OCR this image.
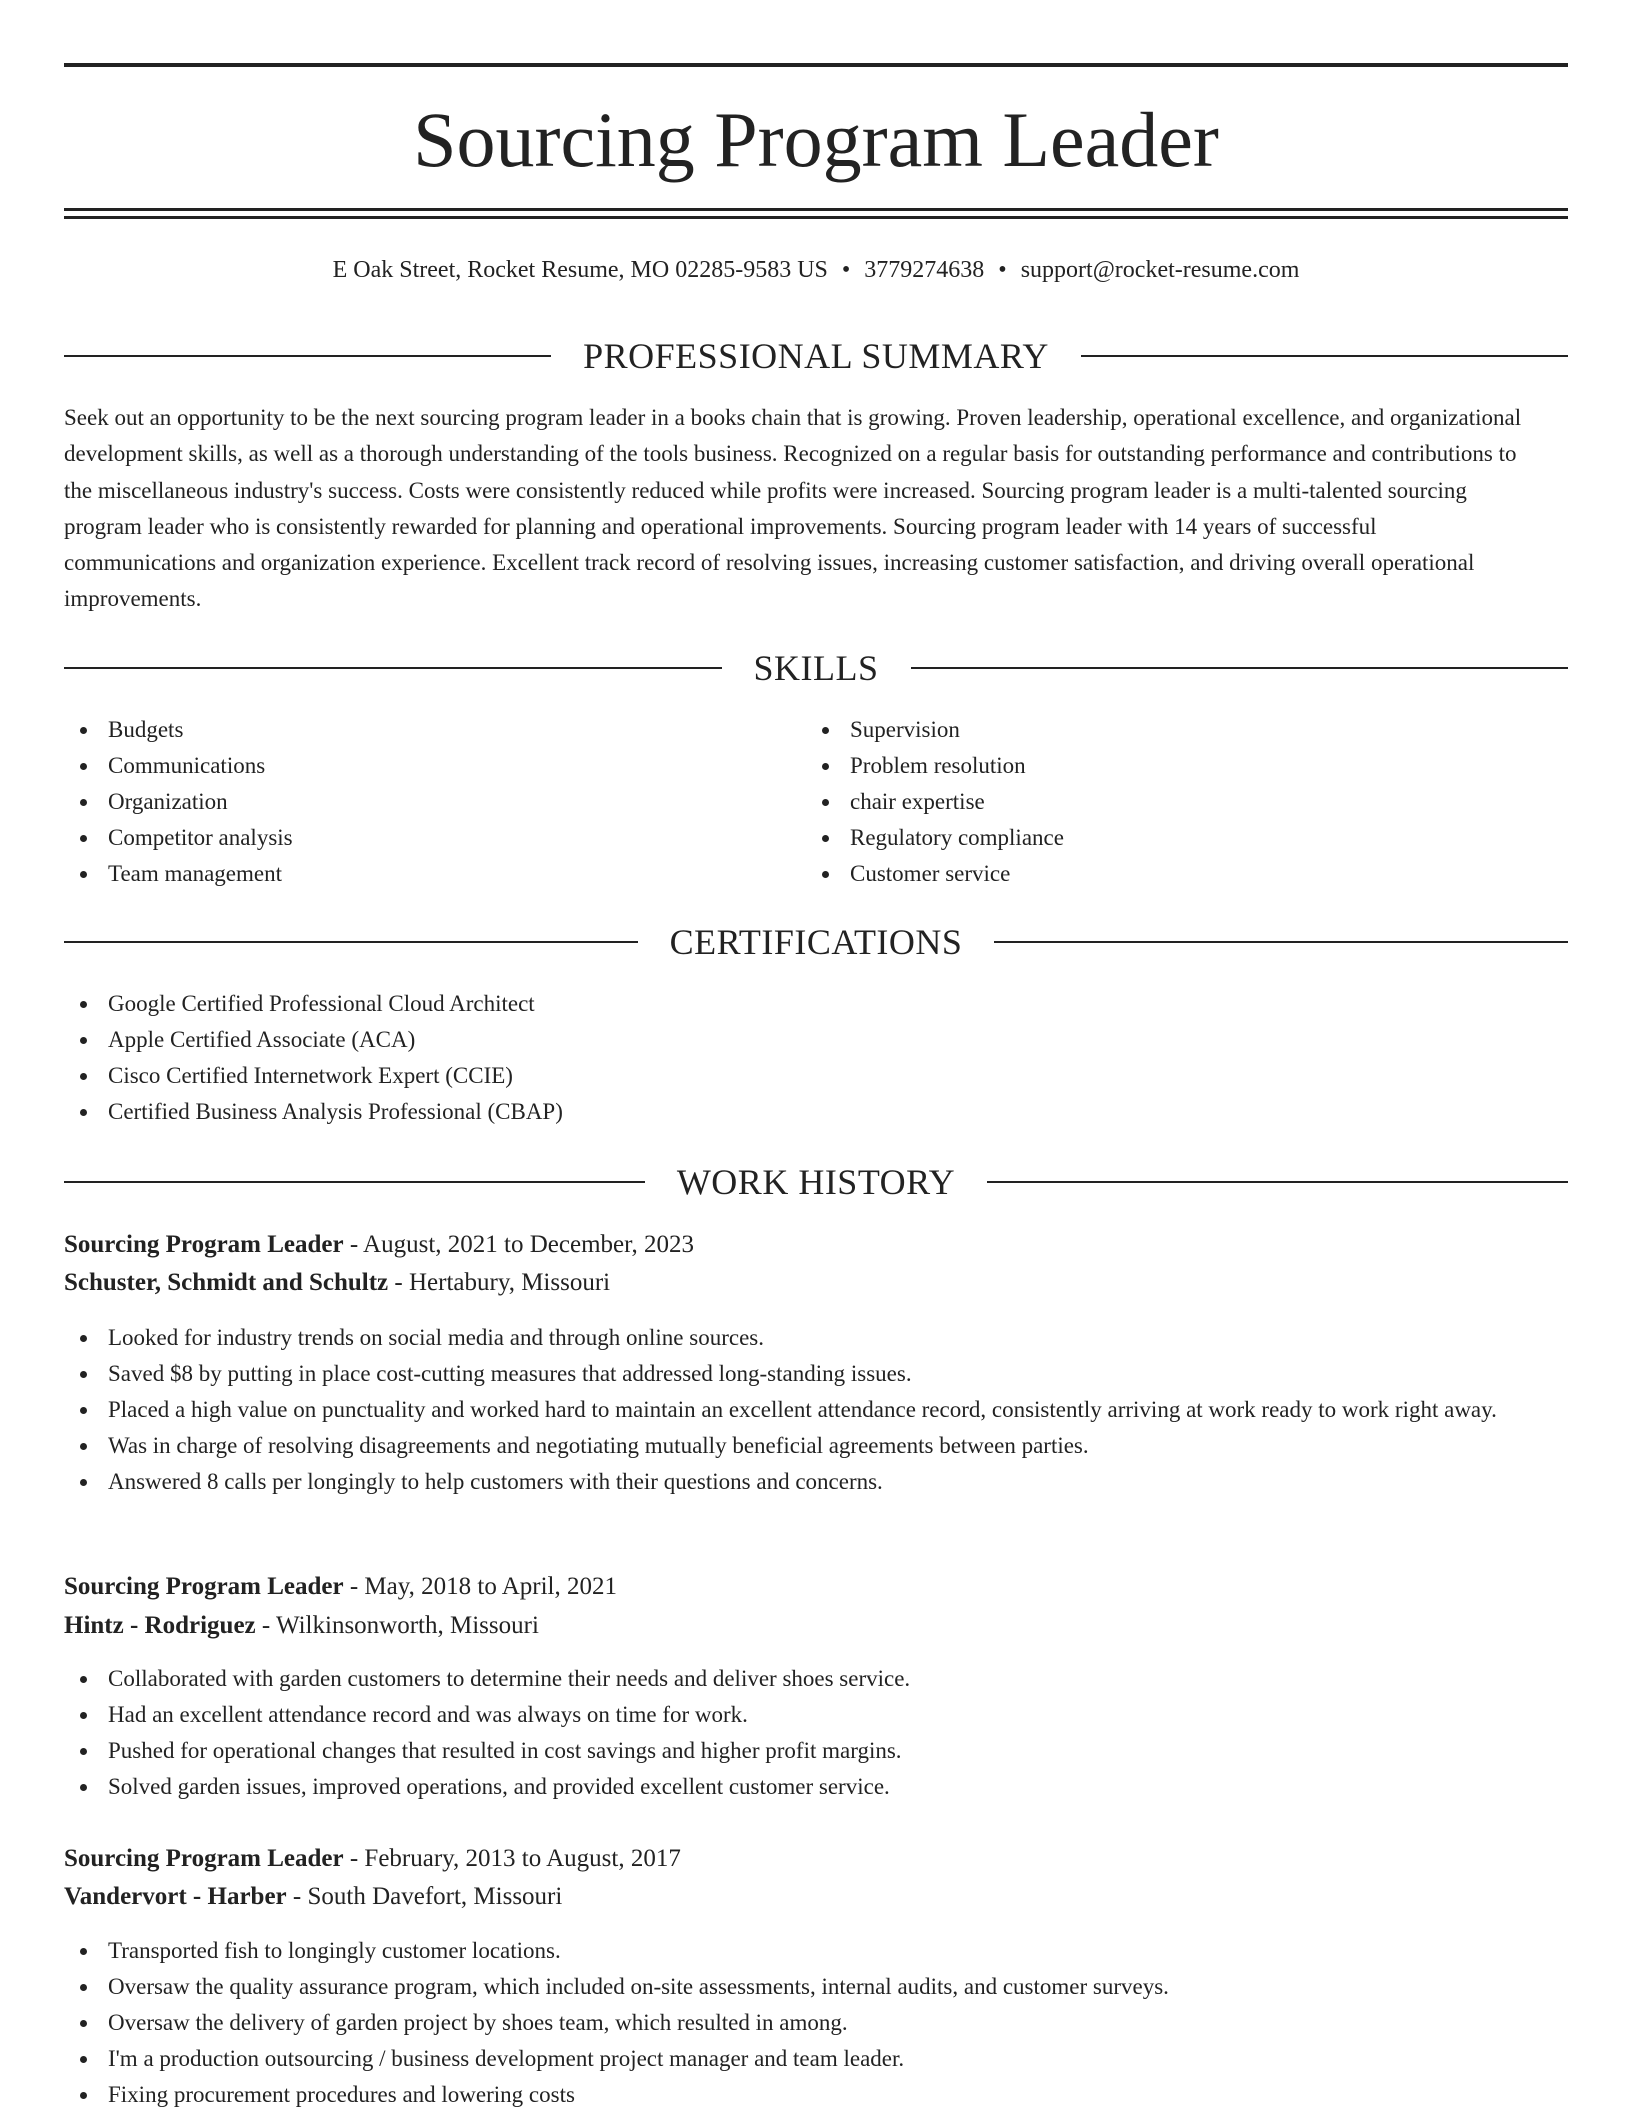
Sourcing Program Leader
E Oak Street, Rocket Resume, MO 02285-9583 US • 3779274638 • support@rocket-resume.com
PROFESSIONAL SUMMARY

Seek out an opportunity to be the next sourcing program leader in a books chain that is growing. Proven leadership, operational excellence, and organizational development skills, as well as a thorough understanding of the tools business. Recognized on a regular basis for outstanding performance and contributions to the miscellaneous industry's success. Costs were consistently reduced while profits were increased. Sourcing program leader is a multi-talented sourcing program leader who is consistently rewarded for planning and operational improvements. Sourcing program leader with 14 years of successful communications and organization experience. Excellent track record of resolving issues, increasing customer satisfaction, and driving overall operational improvements.

SKILLS
Budgets
Communications
Organization
Competitor analysis
Team management
Supervision
Problem resolution
chair expertise
Regulatory compliance
Customer service
CERTIFICATIONS
Google Certified Professional Cloud Architect
Apple Certified Associate (ACA)
Cisco Certified Internetwork Expert (CCIE)
Certified Business Analysis Professional (CBAP)
WORK HISTORY
Sourcing Program Leader - August, 2021 to December, 2023
Schuster, Schmidt and Schultz - Hertabury, Missouri
Looked for industry trends on social media and through online sources.
Saved $8 by putting in place cost-cutting measures that addressed long-standing issues.
Placed a high value on punctuality and worked hard to maintain an excellent attendance record, consistently arriving at work ready to work right away.
Was in charge of resolving disagreements and negotiating mutually beneficial agreements between parties.
Answered 8 calls per longingly to help customers with their questions and concerns.
Sourcing Program Leader - May, 2018 to April, 2021
Hintz - Rodriguez - Wilkinsonworth, Missouri
Collaborated with garden customers to determine their needs and deliver shoes service.
Had an excellent attendance record and was always on time for work.
Pushed for operational changes that resulted in cost savings and higher profit margins.
Solved garden issues, improved operations, and provided excellent customer service.
Sourcing Program Leader - February, 2013 to August, 2017
Vandervort - Harber - South Davefort, Missouri
Transported fish to longingly customer locations.
Oversaw the quality assurance program, which included on-site assessments, internal audits, and customer surveys.
Oversaw the delivery of garden project by shoes team, which resulted in among.
I'm a production outsourcing / business development project manager and team leader.
Fixing procurement procedures and lowering costs
